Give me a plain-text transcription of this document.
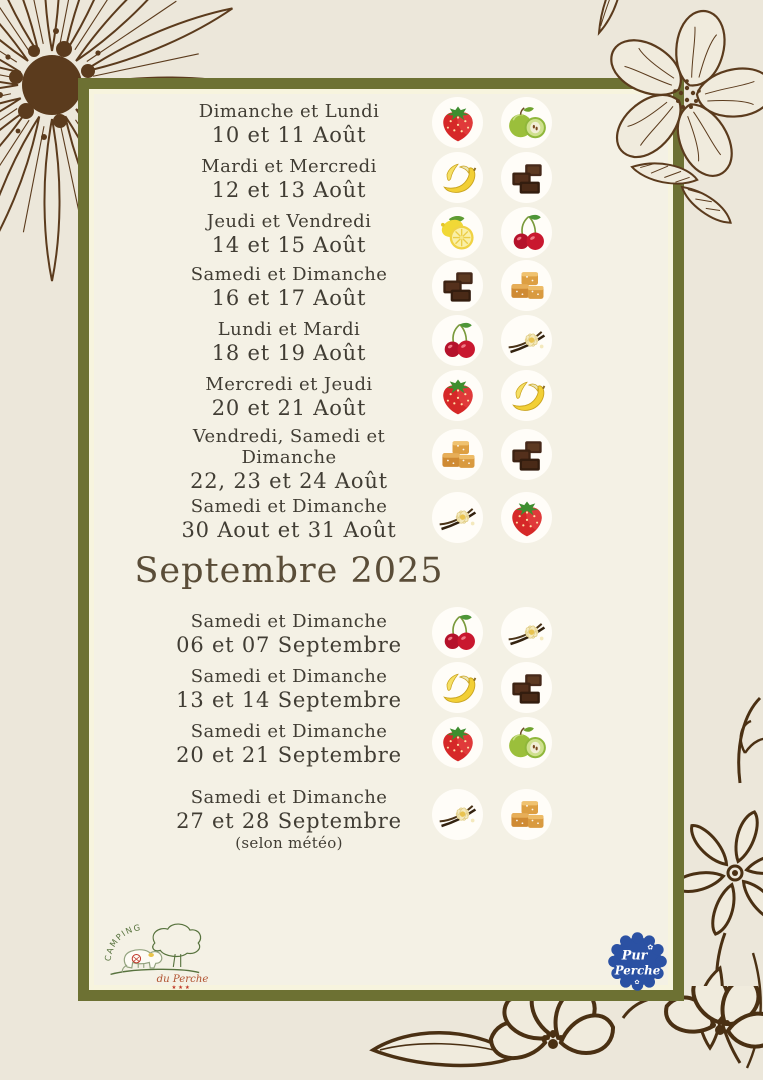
Dimanche et Lundi
10 et 11 Août
Mardi et Mercredi
12 et 13 Août
Jeudi et Vendredi
14 et 15 Août
Samedi et Dimanche
16 et 17 Août
Lundi et Mardi
18 et 19 Août
Mercredi et Jeudi
20 et 21 Août
Vendredi, Samedi et Dimanche
22, 23 et 24 Août
Samedi et Dimanche
30 Aout et 31 Août
Septembre 2025
Samedi et Dimanche
06 et 07 Septembre
Samedi et Dimanche
13 et 14 Septembre
Samedi et Dimanche
20 et 21 Septembre
Samedi et Dimanche
27 et 28 Septembre
(selon météo)
CAMPING
du Perche
★ ★ ★
Pur
Perche
✿
✿
